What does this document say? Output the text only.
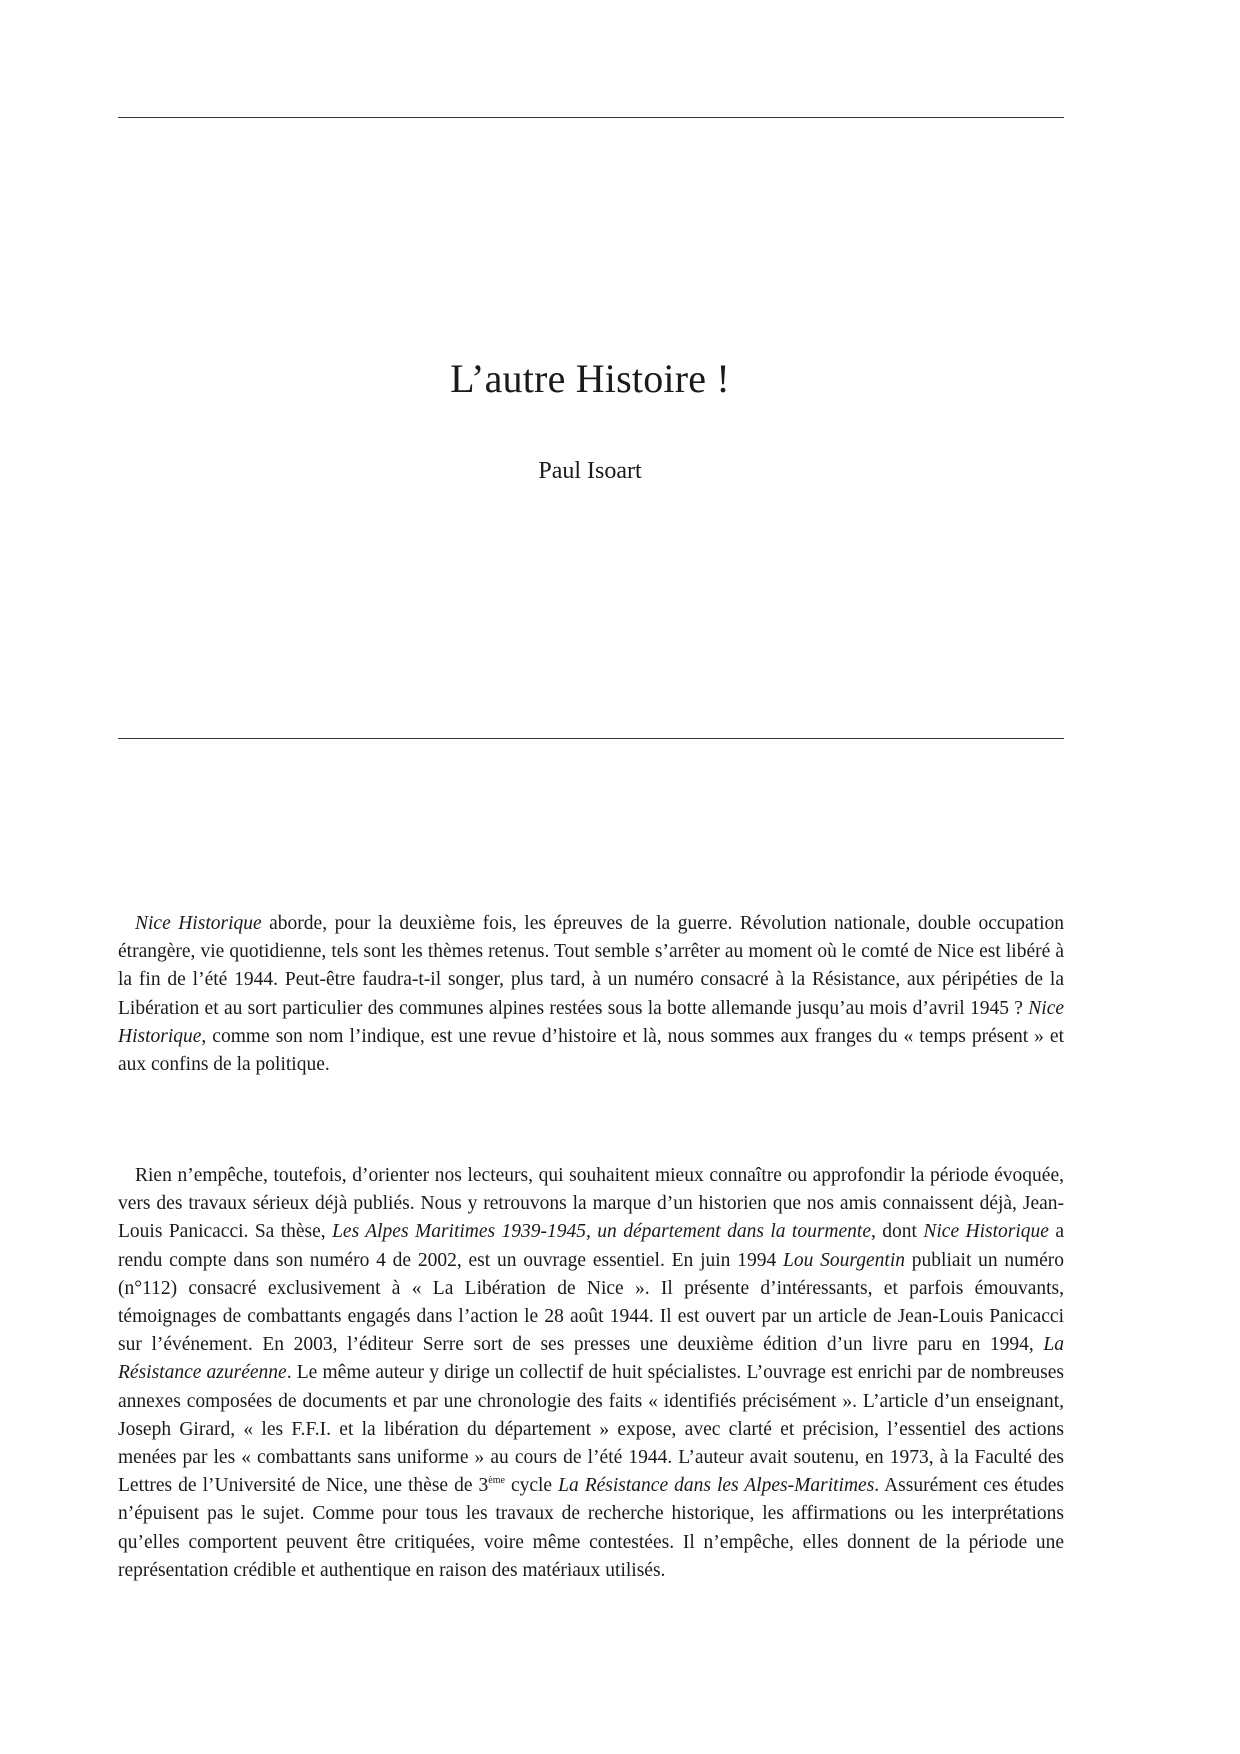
L’autre Histoire !

Paul Isoart

Nice Historique aborde, pour la deuxième fois, les épreuves de la guerre. Révolution nationale, double occupation étrangère, vie quotidienne, tels sont les thèmes retenus. Tout semble s’arrêter au moment où le comté de Nice est libéré à la fin de l’été 1944. Peut-être faudra-t-il songer, plus tard, à un numéro consacré à la Résistance, aux péripéties de la Libération et au sort particulier des communes alpines restées sous la botte allemande jusqu’au mois d’avril 1945 ? Nice Historique, comme son nom l’indique, est une revue d’histoire et là, nous sommes aux franges du « temps présent » et aux confins de la politique.

Rien n’empêche, toutefois, d’orienter nos lecteurs, qui souhaitent mieux connaître ou approfondir la période évoquée, vers des travaux sérieux déjà publiés. Nous y retrouvons la marque d’un historien que nos amis connaissent déjà, Jean-Louis Panicacci. Sa thèse, Les Alpes Maritimes 1939-1945, un département dans la tourmente, dont Nice Historique a rendu compte dans son numéro 4 de 2002, est un ouvrage essentiel. En juin 1994 Lou Sourgentin publiait un numéro (n°112) consacré exclusivement à « La Libération de Nice ». Il présente d’intéressants, et parfois émouvants, témoignages de combattants engagés dans l’action le 28 août 1944. Il est ouvert par un article de Jean-Louis Panicacci sur l’événement. En 2003, l’éditeur Serre sort de ses presses une deuxième édition d’un livre paru en 1994, La Résistance azuréenne. Le même auteur y dirige un collectif de huit spécialistes. L’ouvrage est enrichi par de nombreuses annexes composées de documents et par une chronologie des faits « identifiés précisément ». L’article d’un enseignant, Joseph Girard, « les F.F.I. et la libération du département » expose, avec clarté et précision, l’essentiel des actions menées par les « combattants sans uniforme » au cours de l’été 1944. L’auteur avait soutenu, en 1973, à la Faculté des Lettres de l’Université de Nice, une thèse de 3ème cycle La Résistance dans les Alpes-Maritimes. Assurément ces études n’épuisent pas le sujet. Comme pour tous les travaux de recherche historique, les affirmations ou les interprétations qu’elles comportent peuvent être critiquées, voire même contestées. Il n’empêche, elles donnent de la période une représentation crédible et authentique en raison des matériaux utilisés.
